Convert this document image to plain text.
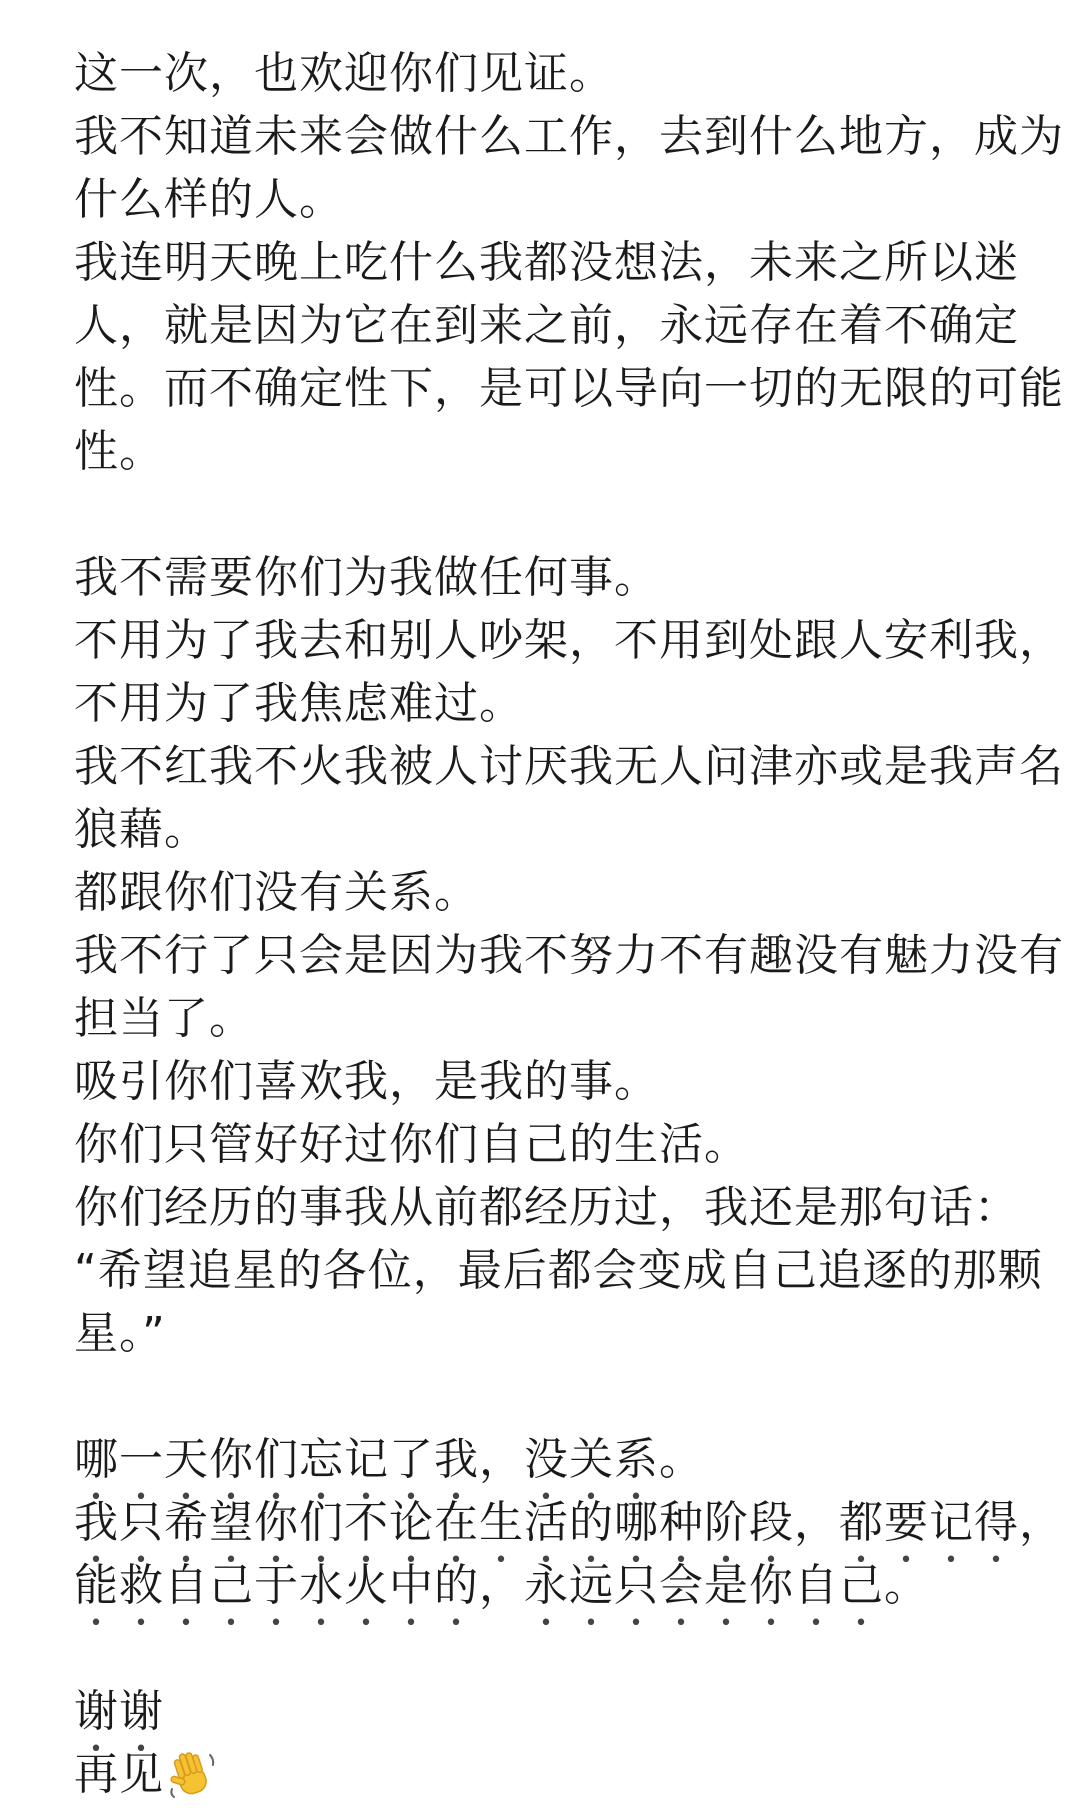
这一次，也欢迎你们见证。
我不知道未来会做什么工作，去到什么地方，成为
什么样的人。
我连明天晚上吃什么我都没想法，未来之所以迷
人，就是因为它在到来之前，永远存在着不确定
性。而不确定性下，是可以导向一切的无限的可能
性。
我不需要你们为我做任何事。
不用为了我去和别人吵架，不用到处跟人安利我，
不用为了我焦虑难过。
我不红我不火我被人讨厌我无人问津亦或是我声名
狼藉。
都跟你们没有关系。
我不行了只会是因为我不努力不有趣没有魅力没有
担当了。
吸引你们喜欢我，是我的事。
你们只管好好过你们自己的生活。
你们经历的事我从前都经历过，我还是那句话：
“希望追星的各位，最后都会变成自己追逐的那颗
星。”
哪一天你们忘记了我，没关系。
我只希望你们不论在生活的哪种阶段，都要记得，
能救自己于水火中的，永远只会是你自己。
谢谢
再见
